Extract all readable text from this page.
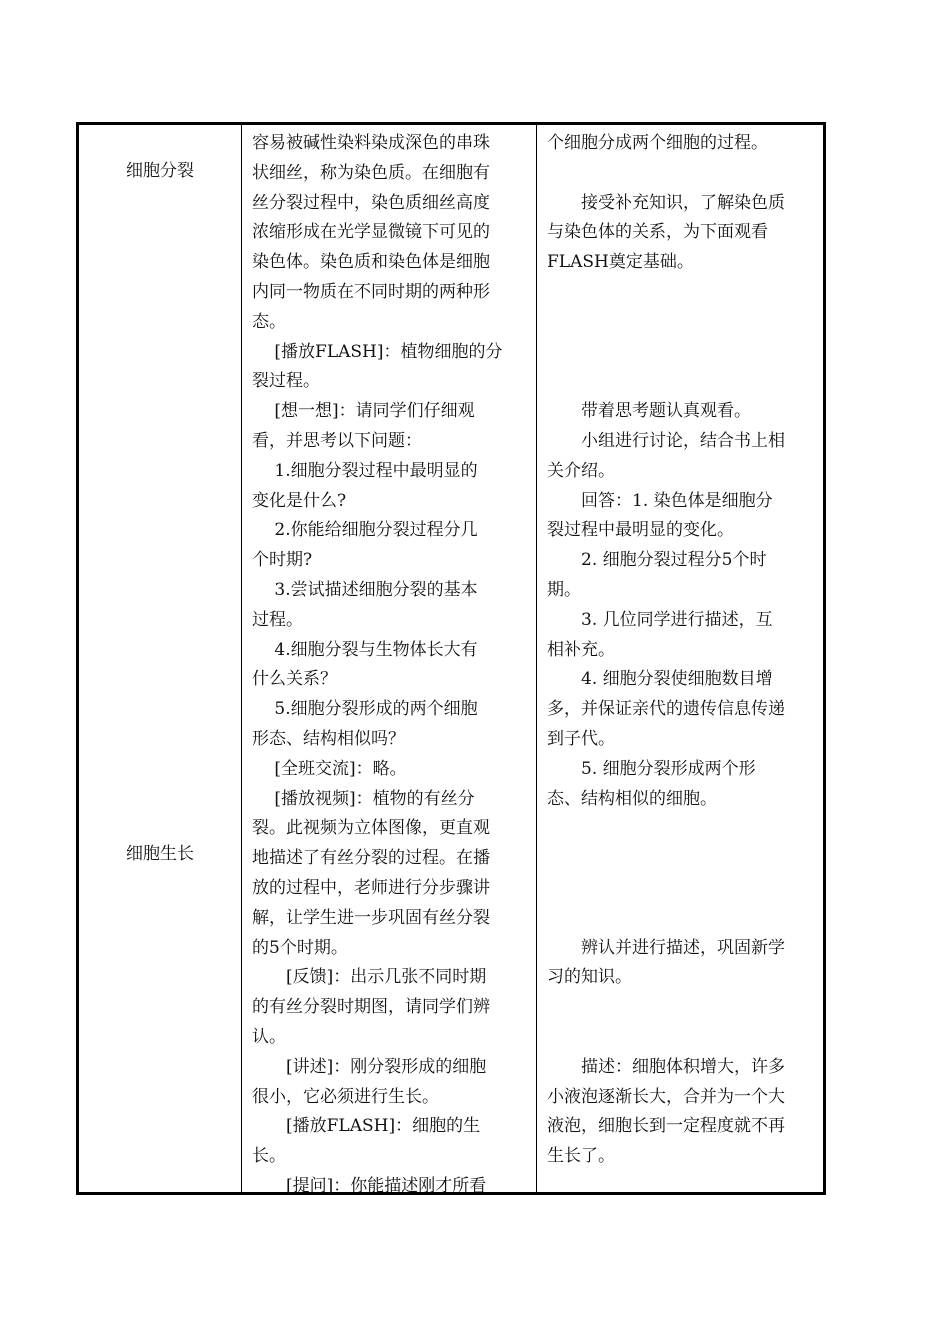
细胞分裂
细胞生长

容易被碱性染料染成深色的串珠

状细丝，称为染色质。在细胞有

丝分裂过程中，染色质细丝高度

浓缩形成在光学显微镜下可见的

染色体。染色质和染色体是细胞

内同一物质在不同时期的两种形

态。

　 [播放FLASH]：植物细胞的分

裂过程。

　 [想一想]：请同学们仔细观

看，并思考以下问题：

　 1.细胞分裂过程中最明显的

变化是什么?

　 2.你能给细胞分裂过程分几

个时期?

　 3.尝试描述细胞分裂的基本

过程。

　 4.细胞分裂与生物体长大有

什么关系？

　 5.细胞分裂形成的两个细胞

形态、结构相似吗？

　 [全班交流]：略。

　 [播放视频]：植物的有丝分

裂。此视频为立体图像，更直观

地描述了有丝分裂的过程。在播

放的过程中，老师进行分步骤讲

解，让学生进一步巩固有丝分裂

的5个时期。

　　[反馈]：出示几张不同时期

的有丝分裂时期图，请同学们辨

认。

　　[讲述]：刚分裂形成的细胞

很小，它必须进行生长。

　　[播放FLASH]：细胞的生

长。

　　[提问]：你能描述刚才所看

个细胞分成两个细胞的过程。

　　接受补充知识，了解染色质

与染色体的关系，为下面观看

FLASH奠定基础。

　　带着思考题认真观看。

　　小组进行讨论，结合书上相

关介绍。

　　回答：1. 染色体是细胞分

裂过程中最明显的变化。

　　2. 细胞分裂过程分5个时

期。

　　3. 几位同学进行描述，互

相补充。

　　4. 细胞分裂使细胞数目增

多，并保证亲代的遗传信息传递

到子代。

　　5. 细胞分裂形成两个形

态、结构相似的细胞。

　　辨认并进行描述，巩固新学

习的知识。

　　描述：细胞体积增大，许多

小液泡逐渐长大，合并为一个大

液泡，细胞长到一定程度就不再

生长了。
